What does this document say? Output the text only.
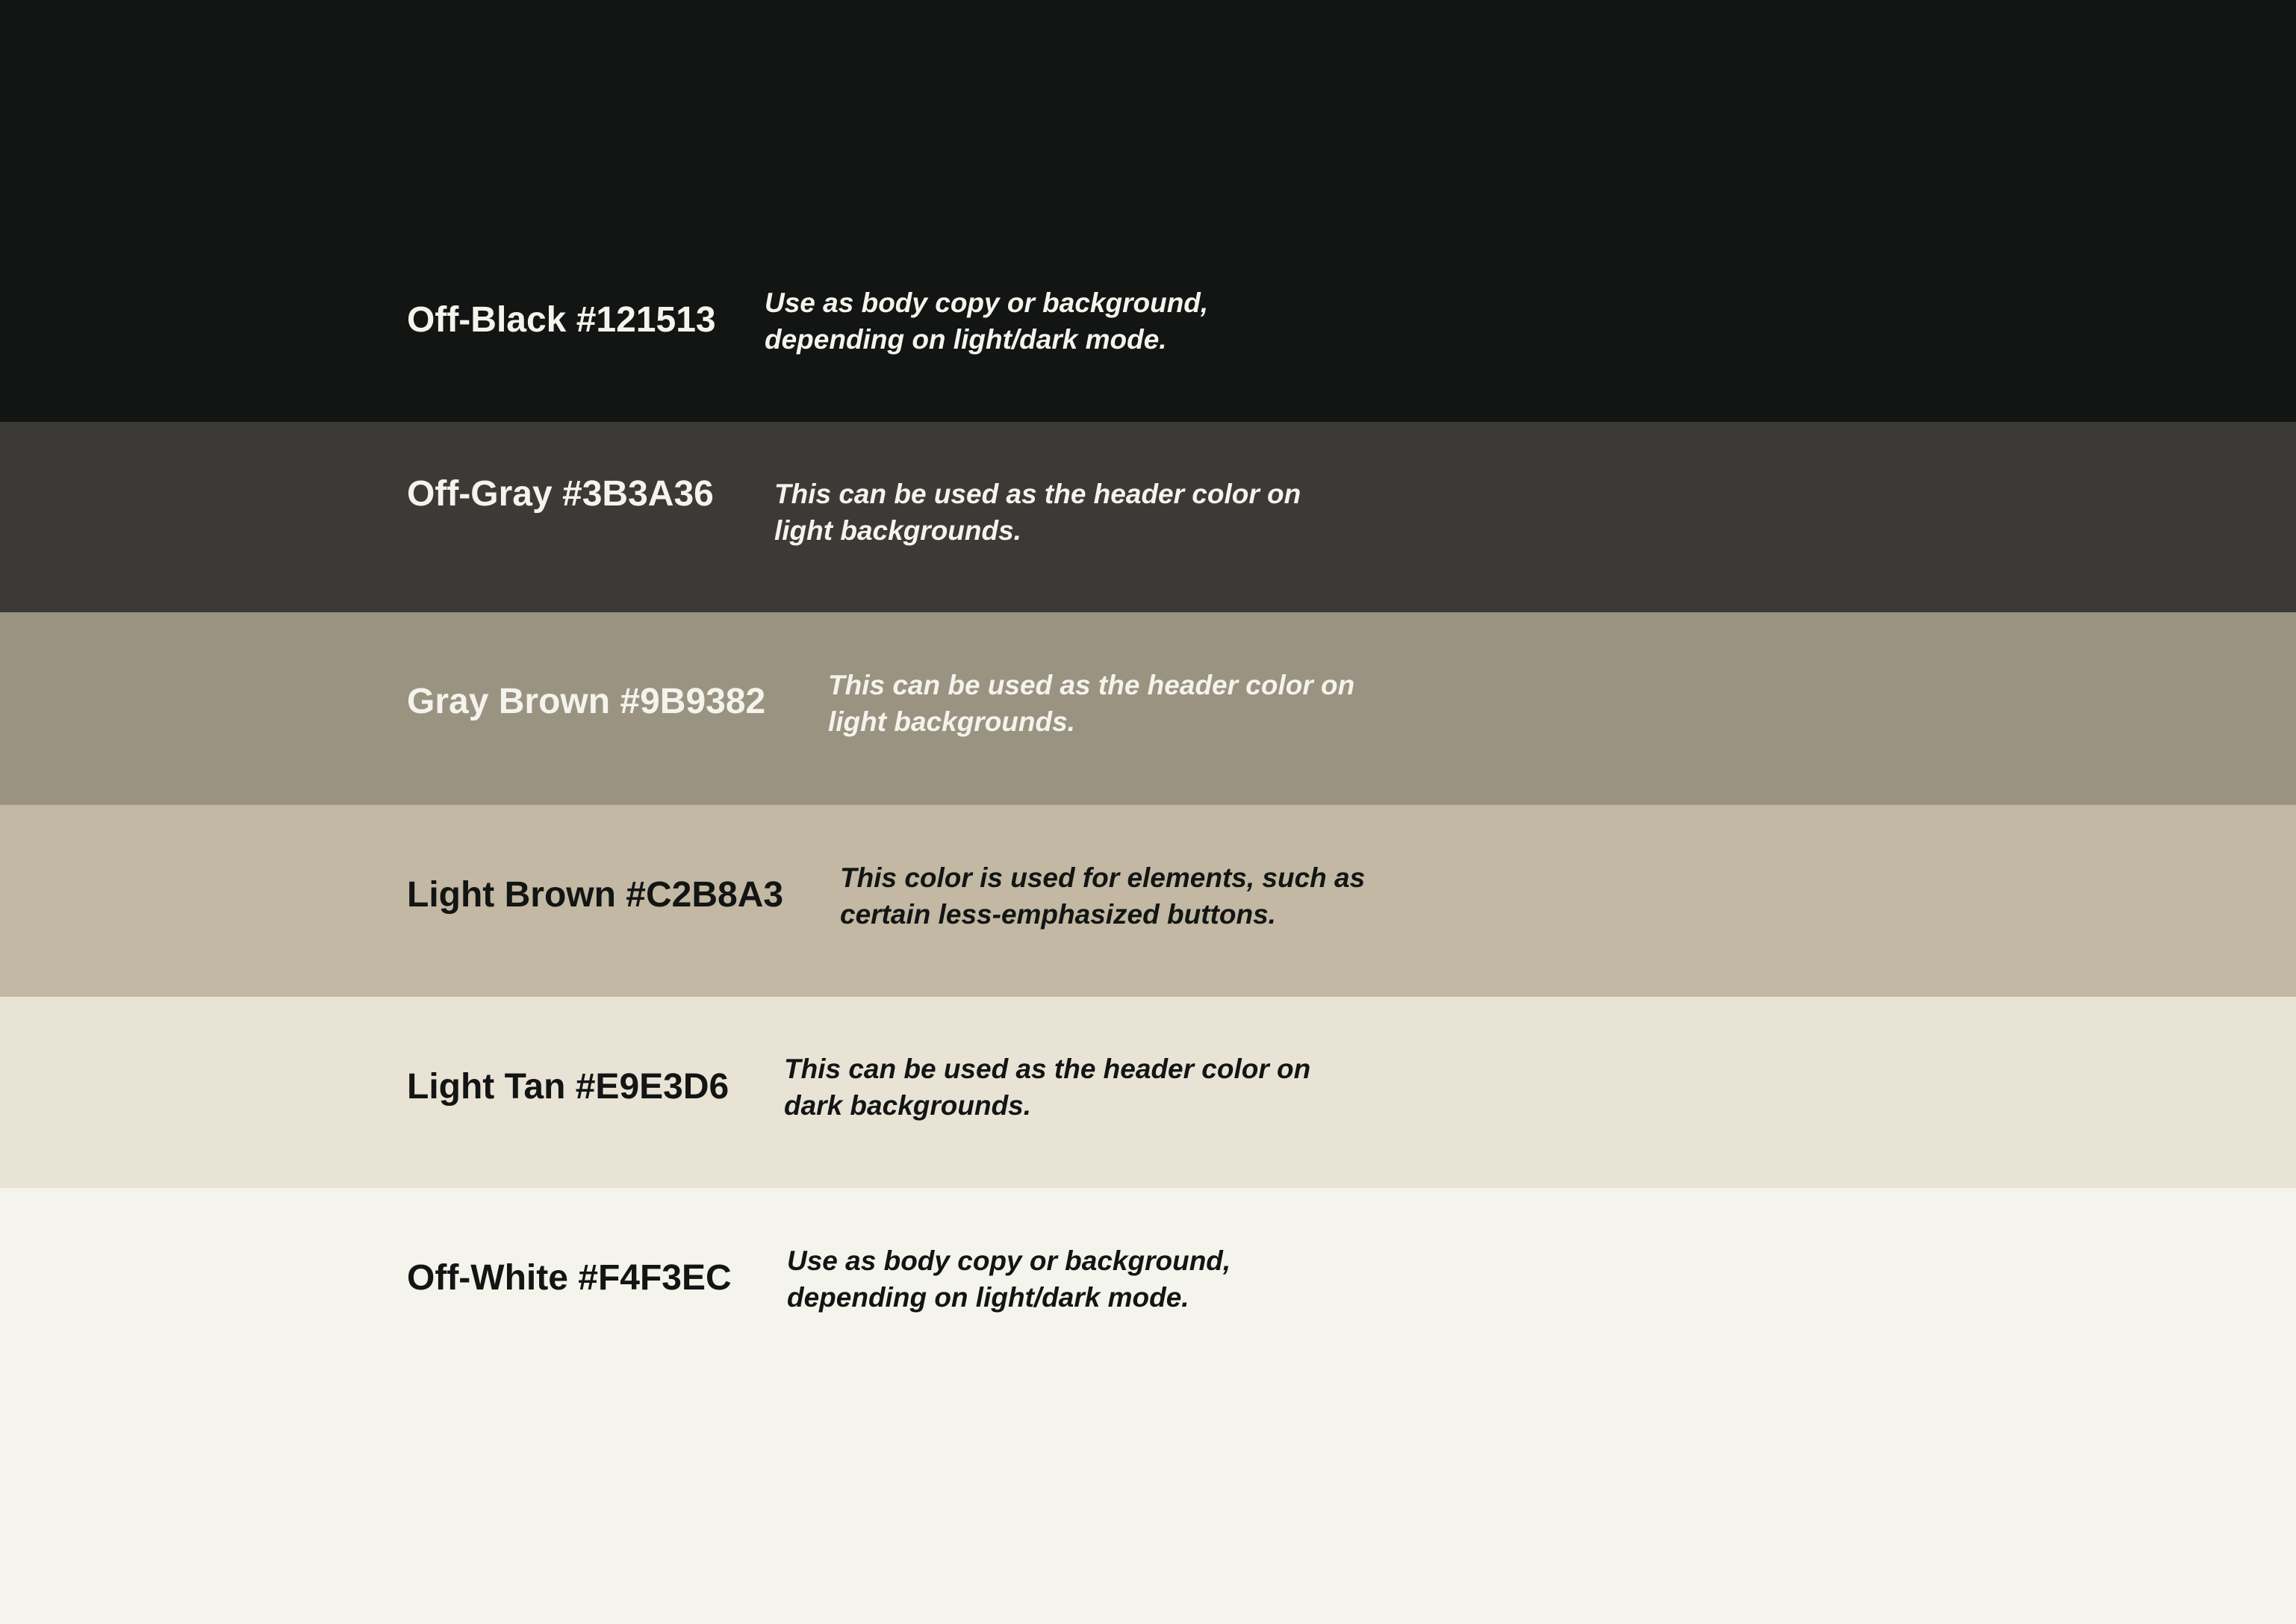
Off-Black #121513 Use as body copy or background,
depending on light/dark mode.
Off-Gray #3B3A36 This can be used as the header color on
light backgrounds.
Gray Brown #9B9382 This can be used as the header color on
light backgrounds.
Light Brown #C2B8A3 This color is used for elements, such as
certain less-emphasized buttons.
Light Tan #E9E3D6 This can be used as the header color on
dark backgrounds.
Off-White #F4F3EC Use as body copy or background,
depending on light/dark mode.
